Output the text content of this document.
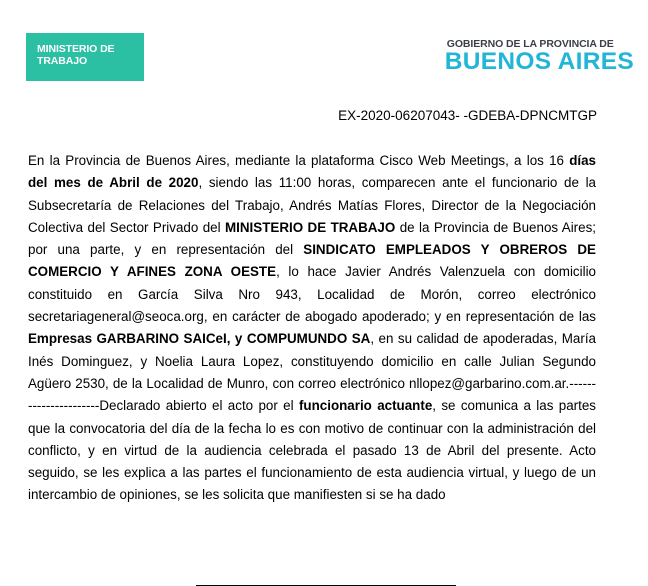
MINISTERIO DE
TRABAJO
GOBIERNO DE LA PROVINCIA DE
BUENOS AIRES
EX-2020-06207043- -GDEBA-DPNCMTGP
En la Provincia de Buenos Aires, mediante la plataforma Cisco Web Meetings, a los 16 días del mes de Abril de 2020, siendo las 11:00 horas, comparecen ante el funcionario de la Subsecretaría de Relaciones del Trabajo, Andrés Matías Flores, Director de la Negociación Colectiva del Sector Privado del MINISTERIO DE TRABAJO de la Provincia de Buenos Aires; por una parte, y en representación del SINDICATO EMPLEADOS Y OBREROS DE COMERCIO Y AFINES ZONA OESTE, lo hace Javier Andrés Valenzuela con domicilio constituido en García Silva Nro 943, Localidad de Morón, correo electrónico secretariageneral@seoca.org, en carácter de abogado apoderado; y en representación de las Empresas GARBARINO SAICeI, y COMPUMUNDO SA, en su calidad de apoderadas, María Inés Dominguez, y Noelia Laura Lopez, constituyendo domicilio en calle Julian Segundo Agüero 2530, de la Localidad de Munro, con correo electrónico nllopez@garbarino.com.ar.----------------------Declarado abierto el acto por el funcionario actuante, se comunica a las partes que la convocatoria del día de la fecha lo es con motivo de continuar con la administración del conflicto, y en virtud de la audiencia celebrada el pasado 13 de Abril del presente. Acto seguido, se les explica a las partes el funcionamiento de esta audiencia virtual, y luego de un intercambio de opiniones, se les solicita que manifiesten si se ha dado
